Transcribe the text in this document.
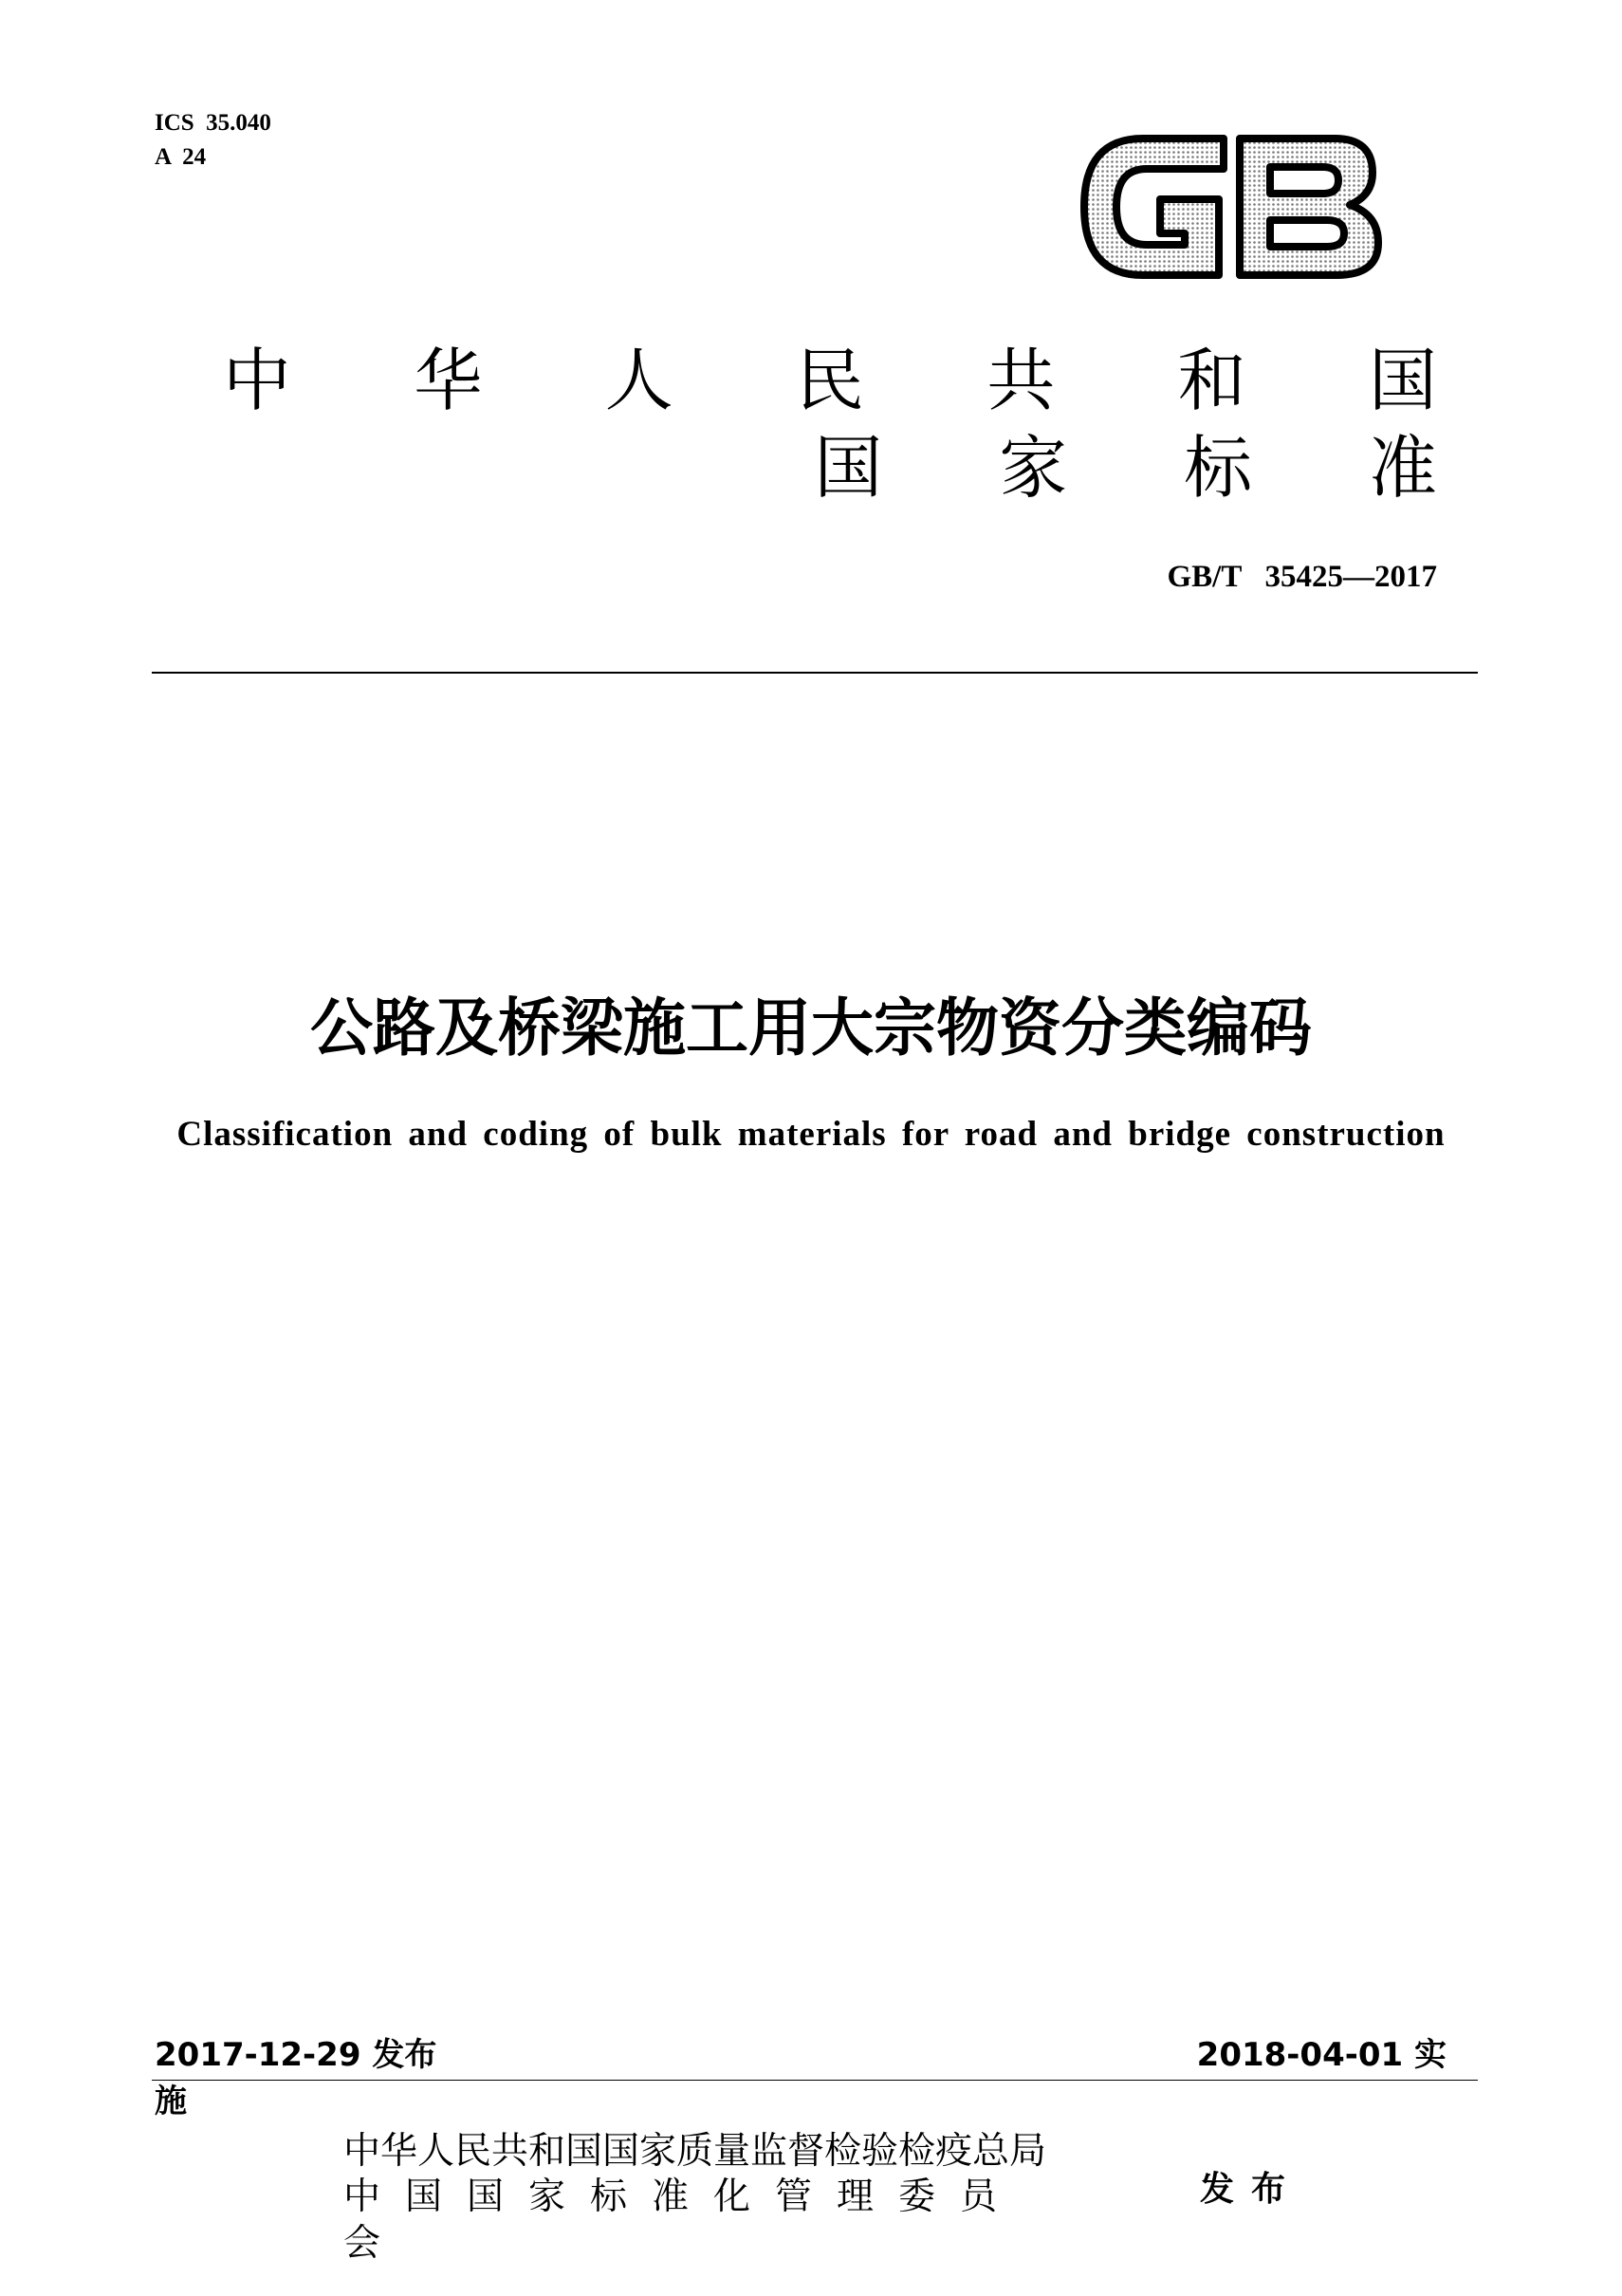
ICS  35.040
A  24
中 华 人 民 共 和 国 国 家 标 准
GB/T   35425—2017
公路及桥梁施工用大宗物资分类编码
Classification and coding of bulk materials for road and bridge construction
2017-12-29 发布	2018-04-01 实
施
中华人民共和国国家质量监督检验检疫总局
中国国家标准化管理委员
会
发布
